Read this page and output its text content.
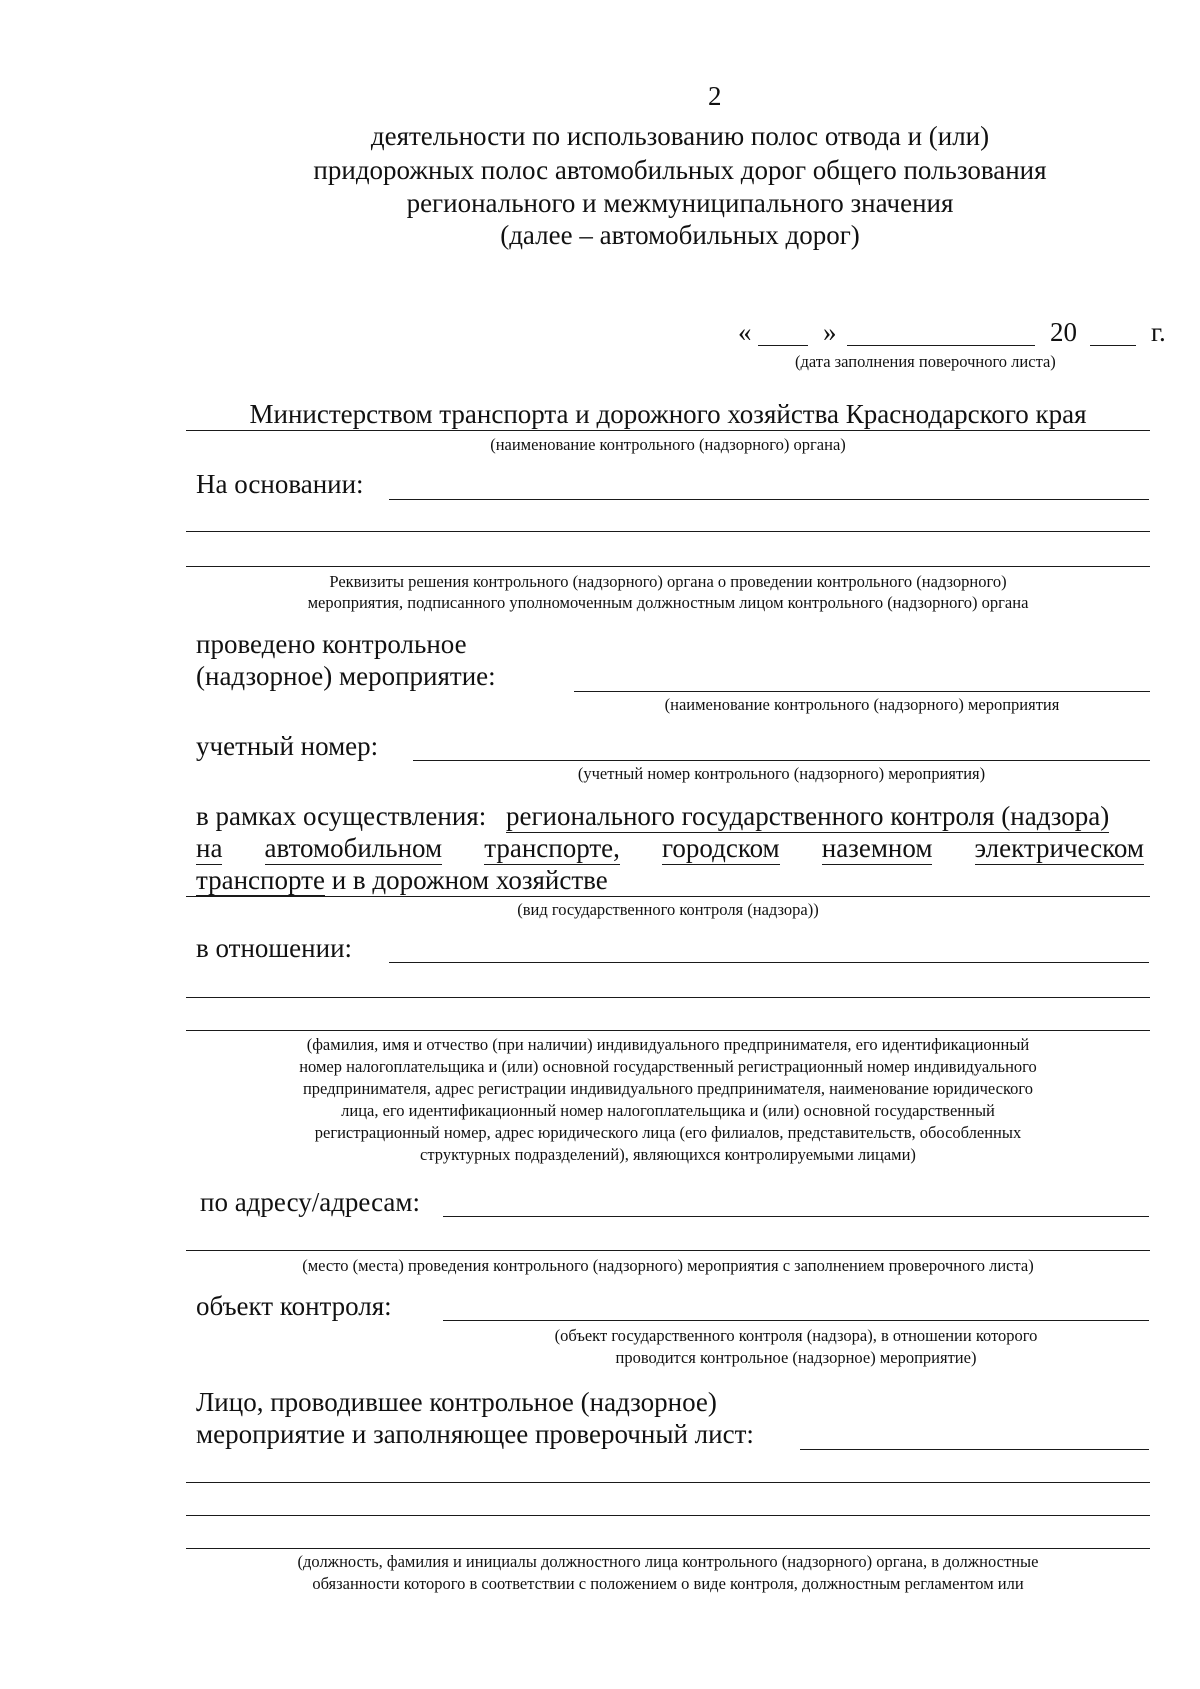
2
деятельности по использованию полос отвода и (или)
придорожных полос автомобильных дорог общего пользования
регионального и межмуниципального значения
(далее – автомобильных дорог)
«	»	20	г.
(дата заполнения поверочного листа)
Министерством транспорта и дорожного хозяйства Краснодарского края
(наименование контрольного (надзорного) органа)
На основании:
Реквизиты решения контрольного (надзорного) органа о проведении контрольного (надзорного)
мероприятия, подписанного уполномоченным должностным лицом контрольного (надзорного) органа
проведено контрольное
(надзорное) мероприятие:
(наименование контрольного (надзорного) мероприятия
учетный номер:
(учетный номер контрольного (надзорного) мероприятия)
в рамках осуществления: регионального государственного контроля (надзора)
на автомобильном транспорте, городском наземном электрическом
транспорте и в дорожном хозяйстве
(вид государственного контроля (надзора))
в отношении:
(фамилия, имя и отчество (при наличии) индивидуального предпринимателя, его идентификационный
номер налогоплательщика и (или) основной государственный регистрационный номер индивидуального
предпринимателя, адрес регистрации индивидуального предпринимателя, наименование юридического
лица, его идентификационный номер налогоплательщика и (или) основной государственный
регистрационный номер, адрес юридического лица (его филиалов, представительств, обособленных
структурных подразделений), являющихся контролируемыми лицами)
по адресу/адресам:
(место (места) проведения контрольного (надзорного) мероприятия с заполнением проверочного листа)
объект контроля:
(объект государственного контроля (надзора), в отношении которого
проводится контрольное (надзорное) мероприятие)
Лицо, проводившее контрольное (надзорное)
мероприятие и заполняющее проверочный лист:
(должность, фамилия и инициалы должностного лица контрольного (надзорного) органа, в должностные
обязанности которого в соответствии с положением о виде контроля, должностным регламентом или
